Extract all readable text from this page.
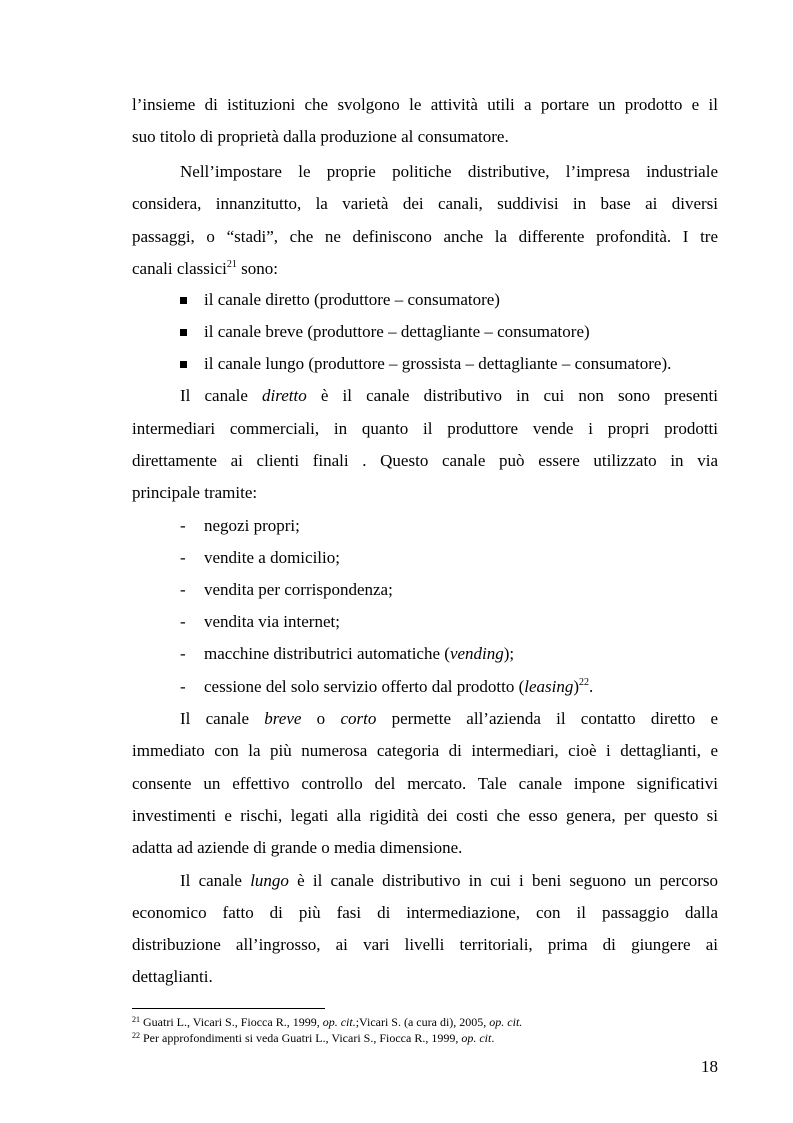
l’insieme di istituzioni che svolgono le attività utili a portare un prodotto e il
suo titolo di proprietà dalla produzione al consumatore.
Nell’impostare le proprie politiche distributive, l’impresa industriale
considera, innanzitutto, la varietà dei canali, suddivisi in base ai diversi
passaggi, o “stadi”, che ne definiscono anche la differente profondità. I tre
canali classici$^{21}$ sono:
il canale diretto (produttore – consumatore)
il canale breve (produttore – dettagliante – consumatore)
il canale lungo (produttore – grossista – dettagliante – consumatore).
Il canale diretto è il canale distributivo in cui non sono presenti
intermediari commerciali, in quanto il produttore vende i propri prodotti
direttamente ai clienti finali . Questo canale può essere utilizzato in via
principale tramite:
- negozi propri;
- vendite a domicilio;
- vendita per corrispondenza;
- vendita via internet;
- macchine distributrici automatiche (vending);
- cessione del solo servizio offerto dal prodotto $(leasing)^{22}$.
Il canale breve o corto permette all’azienda il contatto diretto e
immediato con la più numerosa categoria di intermediari, cioè i dettaglianti, e
consente un effettivo controllo del mercato. Tale canale impone significativi
investimenti e rischi, legati alla rigidità dei costi che esso genera, per questo si
adatta ad aziende di grande o media dimensione.
Il canale lungo è il canale distributivo in cui i beni seguono un percorso
economico fatto di più fasi di intermediazione, con il passaggio dalla
distribuzione all’ingrosso, ai vari livelli territoriali, prima di giungere ai
dettaglianti.
$^{21}$ Guatri L., Vicari S., Fiocca R., 1999, op. cit.;Vicari S. (a cura di), 2005, op. cit.
$^{22}$ Per approfondimenti si veda Guatri L., Vicari S., Fiocca R., 1999, op. cit.
18
